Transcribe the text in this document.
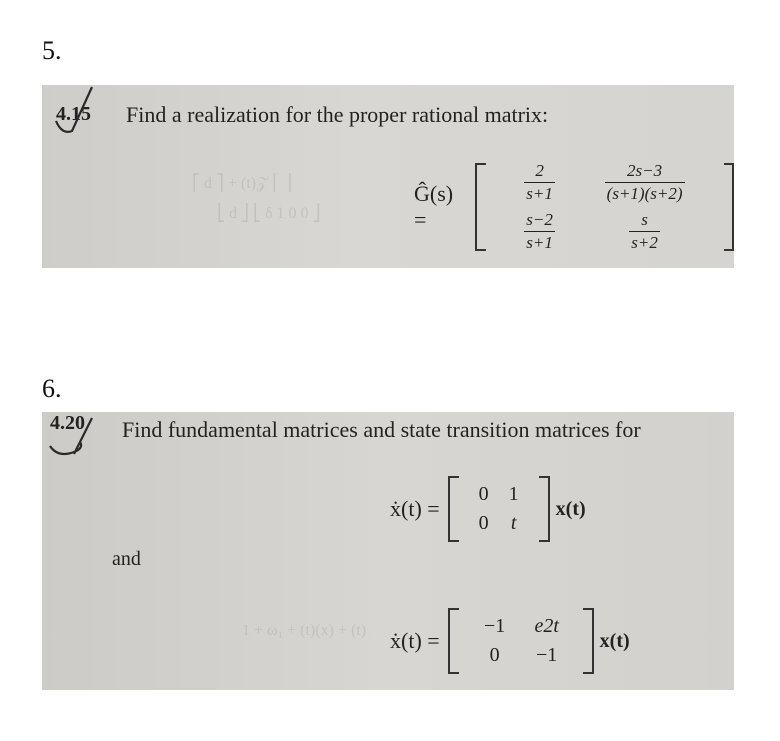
5.
⎡ d ⎤ + (t)𝒵 ⎢ ⎥
⎣ d ⎦ ⎣ δ 1 0 0 ⎦
4.15 Find a realization for the proper rational matrix:
Ĝ(s) =
$\frac{2}{s+1} \frac{2s-3}{(s+1)(s+2)}$
$\frac{s-2}{s+1} \frac{s}{s+2}$
6.
1 + ω₁ + (t)(x) + (t)
4.20 Find fundamental matrices and state transition matrices for
ẋ(t) =
0	1
0	t
x(t)
and
ẋ(t) =
−1	e2t
0	−1
x(t)
